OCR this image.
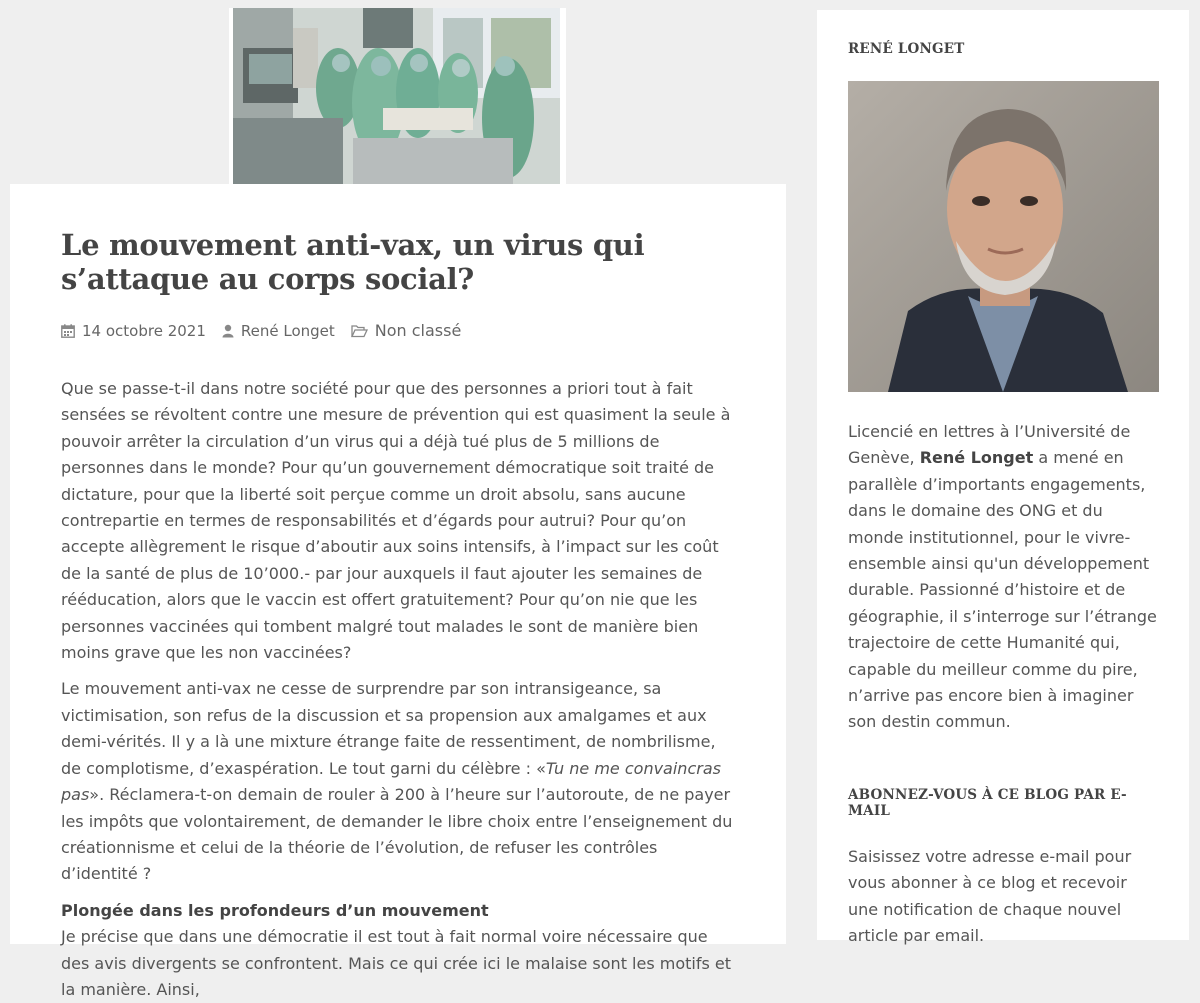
Le mouvement anti-vax, un virus qui s’attaque au corps social?
14 octobre 2021 René Longet	Non classé

Que se passe-t-il dans notre société pour que des personnes a priori tout à fait sensées se révoltent contre une mesure de prévention qui est quasiment la seule à pouvoir arrêter la circulation d’un virus qui a déjà tué plus de 5 millions de personnes dans le monde? Pour qu’un gouvernement démocratique soit traité de dictature, pour que la liberté soit perçue comme un droit absolu, sans aucune contrepartie en termes de responsabilités et d’égards pour autrui? Pour qu’on accepte allègrement le risque d’aboutir aux soins intensifs, à l’impact sur les coût de la santé de plus de 10’000.- par jour auxquels il faut ajouter les semaines de rééducation, alors que le vaccin est offert gratuitement? Pour qu’on nie que les personnes vaccinées qui tombent malgré tout malades le sont de manière bien moins grave que les non vaccinées?

Le mouvement anti-vax ne cesse de surprendre par son intransigeance, sa victimisation, son refus de la discussion et sa propension aux amalgames et aux demi-vérités. Il y a là une mixture étrange faite de ressentiment, de nombrilisme, de complotisme, d’exaspération. Le tout garni du célèbre : «Tu ne me convaincras pas». Réclamera-t-on demain de rouler à 200 à l’heure sur l’autoroute, de ne payer les impôts que volontairement, de demander le libre choix entre l’enseignement du créationnisme et celui de la théorie de l’évolution, de refuser les contrôles d’identité ?

Plongée dans les profondeurs d’un mouvement

Je précise que dans une démocratie il est tout à fait normal voire nécessaire que des avis divergents se confrontent. Mais ce qui crée ici le malaise sont les motifs et la manière. Ainsi,

RENÉ LONGET

Licencié en lettres à l’Université de Genève, René Longet a mené en parallèle d’importants engagements, dans le domaine des ONG et du monde institutionnel, pour le vivre-ensemble ainsi qu'un développement durable. Passionné d’histoire et de géographie, il s’interroge sur l’étrange trajectoire de cette Humanité qui, capable du meilleur comme du pire, n’arrive pas encore bien à imaginer son destin commun.

ABONNEZ-VOUS À CE BLOG PAR E-MAIL

Saisissez votre adresse e-mail pour vous abonner à ce blog et recevoir une notification de chaque nouvel article par email.
